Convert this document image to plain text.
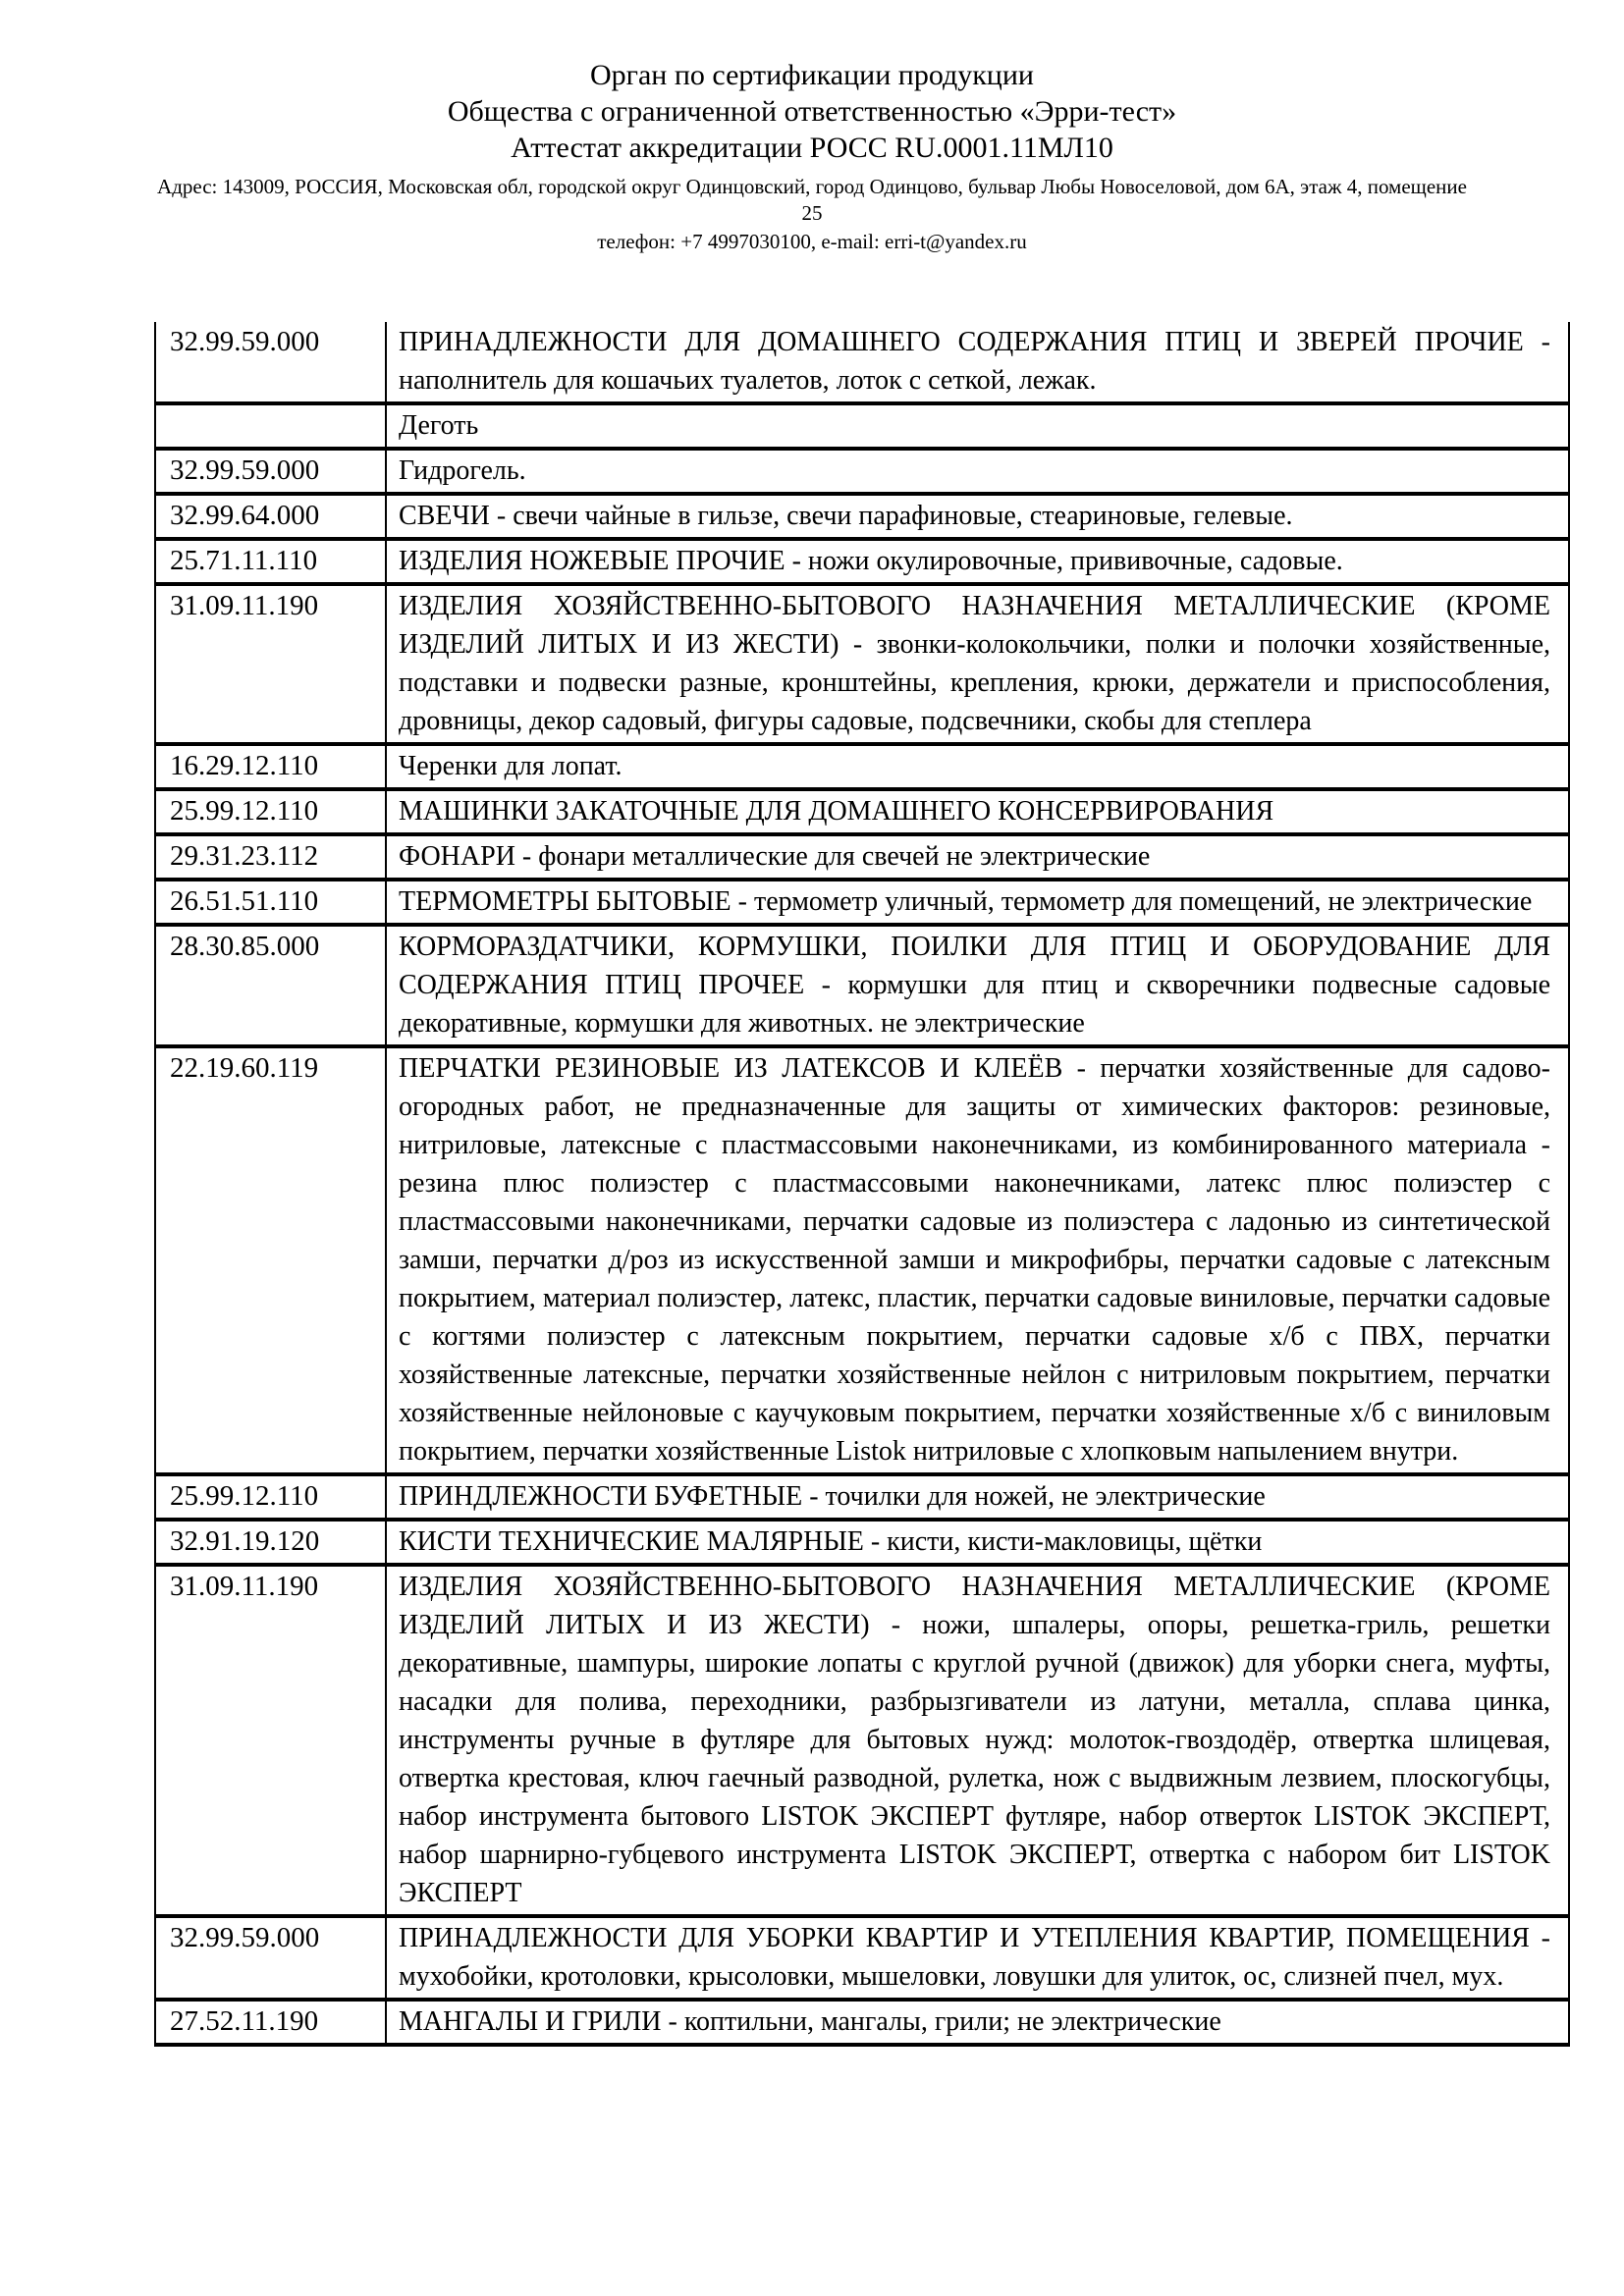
Орган по сертификации продукции
Общества с ограниченной ответственностью «Эрри-тест»
Аттестат аккредитации РОСС RU.0001.11МЛ10
Адрес: 143009, РОССИЯ, Московская обл, городской округ Одинцовский, город Одинцово, бульвар Любы Новоселовой, дом 6А, этаж 4, помещение 25
телефон: +7 4997030100, e-mail: erri-t@yandex.ru
32.99.59.000	ПРИНАДЛЕЖНОСТИ ДЛЯ ДОМАШНЕГО СОДЕРЖАНИЯ ПТИЦ И ЗВЕРЕЙ ПРОЧИЕ - наполнитель для кошачьих туалетов, лоток с сеткой, лежак.
	Деготь
32.99.59.000	Гидрогель.
32.99.64.000	СВЕЧИ - свечи чайные в гильзе, свечи парафиновые, стеариновые, гелевые.
25.71.11.110	ИЗДЕЛИЯ НОЖЕВЫЕ ПРОЧИЕ - ножи окулировочные, прививочные, садовые.
31.09.11.190	ИЗДЕЛИЯ ХОЗЯЙСТВЕННО-БЫТОВОГО НАЗНАЧЕНИЯ МЕТАЛЛИЧЕСКИЕ (КРОМЕ ИЗДЕЛИЙ ЛИТЫХ И ИЗ ЖЕСТИ) - звонки-колокольчики, полки и полочки хозяйственные, подставки и подвески разные, кронштейны, крепления, крюки, держатели и приспособления, дровницы, декор садовый, фигуры садовые, подсвечники, скобы для степлера
16.29.12.110	Черенки для лопат.
25.99.12.110	МАШИНКИ ЗАКАТОЧНЫЕ ДЛЯ ДОМАШНЕГО КОНСЕРВИРОВАНИЯ
29.31.23.112	ФОНАРИ - фонари металлические для свечей не электрические
26.51.51.110	ТЕРМОМЕТРЫ БЫТОВЫЕ - термометр уличный, термометр для помещений, не электрические
28.30.85.000	КОРМОРАЗДАТЧИКИ, КОРМУШКИ, ПОИЛКИ ДЛЯ ПТИЦ И ОБОРУДОВАНИЕ ДЛЯ СОДЕРЖАНИЯ ПТИЦ ПРОЧЕЕ - кормушки для птиц и скворечники подвесные садовые декоративные, кормушки для животных. не электрические
22.19.60.119	ПЕРЧАТКИ РЕЗИНОВЫЕ ИЗ ЛАТЕКСОВ И КЛЕЁВ - перчатки хозяйственные для садово-огородных работ, не предназначенные для защиты от химических факторов: резиновые, нитриловые, латексные с пластмассовыми наконечниками, из комбинированного материала - резина плюс полиэстер с пластмассовыми наконечниками, латекс плюс полиэстер с пластмассовыми наконечниками, перчатки садовые из полиэстера с ладонью из синтетической замши, перчатки д/роз из искусственной замши и микрофибры, перчатки садовые с латексным покрытием, материал полиэстер, латекс, пластик, перчатки садовые виниловые, перчатки садовые с когтями полиэстер с латексным покрытием, перчатки садовые х/б с ПВХ, перчатки хозяйственные латексные, перчатки хозяйственные нейлон с нитриловым покрытием, перчатки хозяйственные нейлоновые с каучуковым покрытием, перчатки хозяйственные х/б с виниловым покрытием, перчатки хозяйственные Listok нитриловые с хлопковым напылением внутри.
25.99.12.110	ПРИНДЛЕЖНОСТИ БУФЕТНЫЕ - точилки для ножей, не электрические
32.91.19.120	КИСТИ ТЕХНИЧЕСКИЕ МАЛЯРНЫЕ - кисти, кисти-макловицы, щётки
31.09.11.190	ИЗДЕЛИЯ ХОЗЯЙСТВЕННО-БЫТОВОГО НАЗНАЧЕНИЯ МЕТАЛЛИЧЕСКИЕ (КРОМЕ ИЗДЕЛИЙ ЛИТЫХ И ИЗ ЖЕСТИ) - ножи, шпалеры, опоры, решетка-гриль, решетки декоративные, шампуры, широкие лопаты с круглой ручной (движок) для уборки снега, муфты, насадки для полива, переходники, разбрызгиватели из латуни, металла, сплава цинка, инструменты ручные в футляре для бытовых нужд: молоток-гвоздодёр, отвертка шлицевая, отвертка крестовая, ключ гаечный разводной, рулетка, нож с выдвижным лезвием, плоскогубцы, набор инструмента бытового LISTOK ЭКСПЕРТ футляре, набор отверток LISTOK ЭКСПЕРТ, набор шарнирно-губцевого инструмента LISTOK ЭКСПЕРТ, отвертка с набором бит LISTOK ЭКСПЕРТ
32.99.59.000	ПРИНАДЛЕЖНОСТИ ДЛЯ УБОРКИ КВАРТИР И УТЕПЛЕНИЯ КВАРТИР, ПОМЕЩЕНИЯ - мухобойки, кротоловки, крысоловки, мышеловки, ловушки для улиток, ос, слизней пчел, мух.
27.52.11.190	МАНГАЛЫ И ГРИЛИ - коптильни, мангалы, грили; не электрические
